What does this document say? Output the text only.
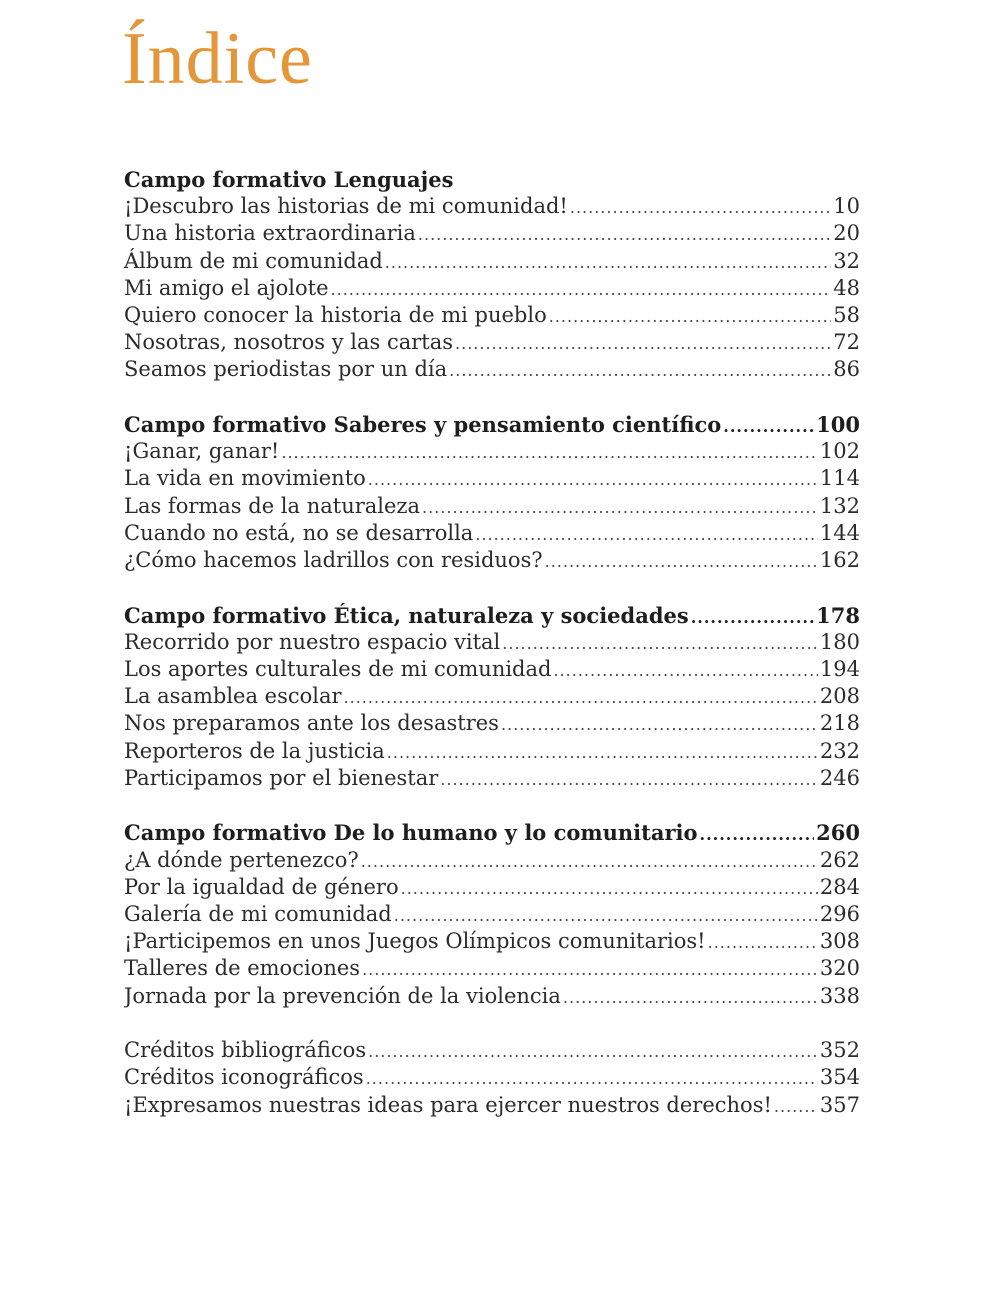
Índice
Campo formativo Lenguajes
¡Descubro las historias de mi comunidad! .....	10
Una historia extraordinaria .....	20
Álbum de mi comunidad .....	32
Mi amigo el ajolote .....	48
Quiero conocer la historia de mi pueblo .....	58
Nosotras, nosotros y las cartas .....	72
Seamos periodistas por un día .....	86
Campo formativo Saberes y pensamiento científico .....	100
¡Ganar, ganar! .....	102
La vida en movimiento .....	114
Las formas de la naturaleza .....	132
Cuando no está, no se desarrolla .....	144
¿Cómo hacemos ladrillos con residuos? .....	162
Campo formativo Ética, naturaleza y sociedades .....	178
Recorrido por nuestro espacio vital .....	180
Los aportes culturales de mi comunidad .....	194
La asamblea escolar .....	208
Nos preparamos ante los desastres .....	218
Reporteros de la justicia .....	232
Participamos por el bienestar .....	246
Campo formativo De lo humano y lo comunitario .....	260
¿A dónde pertenezco? .....	262
Por la igualdad de género .....	284
Galería de mi comunidad .....	296
¡Participemos en unos Juegos Olímpicos comunitarios! .....	308
Talleres de emociones .....	320
Jornada por la prevención de la violencia .....	338
Créditos bibliográficos .....	352
Créditos iconográficos .....	354
¡Expresamos nuestras ideas para ejercer nuestros derechos! ..... 357
